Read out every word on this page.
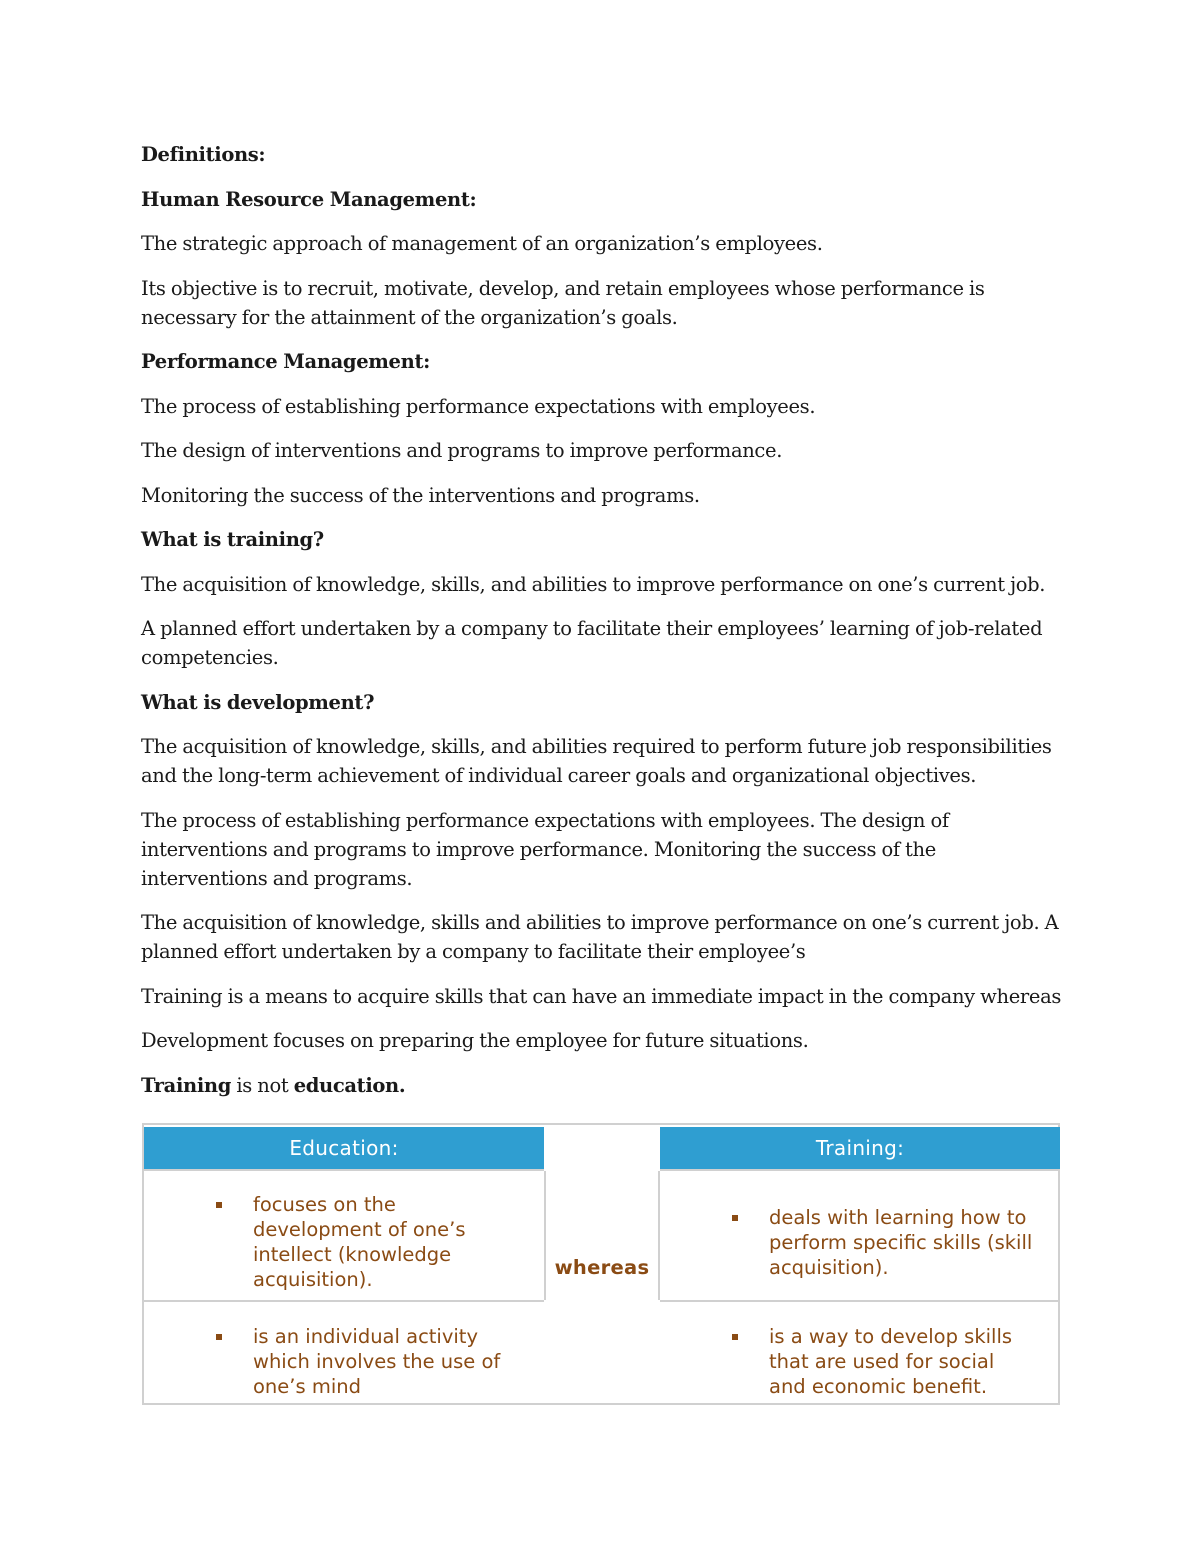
Definitions:

Human Resource Management:

The strategic approach of management of an organization’s employees.

Its objective is to recruit, motivate, develop, and retain employees whose performance is necessary for the attainment of the organization’s goals.

Performance Management:

The process of establishing performance expectations with employees.

The design of interventions and programs to improve performance.

Monitoring the success of the interventions and programs.

What is training?

The acquisition of knowledge, skills, and abilities to improve performance on one’s current job.

A planned effort undertaken by a company to facilitate their employees’ learning of job-related competencies.

What is development?

The acquisition of knowledge, skills, and abilities required to perform future job responsibilities and the long-term achievement of individual career goals and organizational objectives.

The process of establishing performance expectations with employees. The design of interventions and programs to improve performance. Monitoring the success of the interventions and programs.

The acquisition of knowledge, skills and abilities to improve performance on one’s current job. A planned effort undertaken by a company to facilitate their employee’s

Training is a means to acquire skills that can have an immediate impact in the company whereas

Development focuses on preparing the employee for future situations.

Training is not education.

Education:	Training:
focuses on the development of one’s intellect (knowledge acquisition).
is an individual activity which involves the use of one’s mind
whereas
deals with learning how to perform specific skills (skill acquisition).
is a way to develop skills that are used for social and economic benefit.
